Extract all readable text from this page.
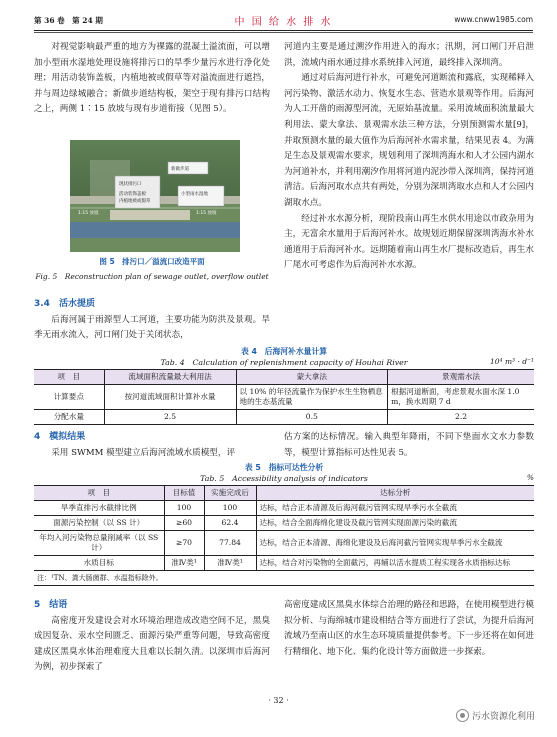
第 36 卷　第 24 期	中 国 给 水 排 水	www.cnww1985.com

对视觉影响最严重的地方为裸露的混凝土溢流面，可以增加小型雨水湿地处理设施将排污口的旱季少量污水进行净化处理；用活动装饰盖板，内植地被或假草等对溢流面进行遮挡，并与周边绿城融合；新做步道结构板，架空于现有排污口结构之上，两侧 1∶15 放坡与现有步道衔接（见图 5）。

现状排污口
活动装饰盖板
内植地被或假草
新做步道
小型雨水湿地
1:15 放坡	1:15 放坡
图 5　排污口／溢流口改造平面
Fig. 5　Reconstruction plan of sewage outlet, overflow outlet

3.4　活水提质

后海河属于雨源型人工河道，主要功能为防洪及景观。旱季无雨水流入，河口闸门处于关闭状态，

河道内主要是通过溯汐作用进入的海水；汛期，河口闸门开启泄洪，流域内雨水通过排水系统排入河道，最终排入深圳湾。

通过对后海河进行补水，可避免河道断流和露底，实现稀释入河污染物、激活水动力、恢复水生态、营造水景观等作用。后海河为人工开凿的雨源型河流，无原始基流量。采用流域面积流量最大利用法、蒙大拿法、景观需水法三种方法，分别预测需水量[9]，并取预测水量的最大值作为后海河补水需求量，结果见表 4。为满足生态及景观需水要求，规划利用了深圳湾海水和人才公园内湖水为河道补水，并利用潮汐作用将河道内泥沙带入深圳湾，保持河道清洁。后海河取水点共有两处，分别为深圳湾取水点和人才公园内湖取水点。

经过补水水源分析，现阶段南山再生水供水用途以市政杂用为主，无富余水量用于后海河补水。故规划近期保留深圳湾海水补水通道用于后海河补水。远期随着南山再生水厂提标改造后，再生水厂尾水可考虑作为后海河补水水源。

表 4　后海河补水量计算
Tab. 4　Calculation of replenishment capacity of Houhai River	10⁴ m³ · d⁻¹
项　目	流域面积流量最大利用法	蒙大拿法	景观需水法
计算要点	按河道流域面积计算补水量	以 10% 的年径流量作为保护水生生物栖息地的生态基流量	根据河道断面，考虑景观水面水深 1.0 m，换水周期 7 d
分配水量	2.5	0.5	2.2

4　模拟结果

采用 SWMM 模型建立后海河流域水质模型，评

估方案的达标情况。输入典型年降雨，不同下垫面水文水力参数等，模型计算指标可达性见表 5。

表 5　指标可达性分析
Tab. 5　Accessibility analysis of indicators	%
项　目	目标值	实施完成后	达标分析
旱季直排污水截排比例	100	100	达标，结合正本清源及后海河截污管网实现旱季污水全截流
面源污染控制（以 SS 计）	≥60	62.4	达标，结合全面海绵化建设及截污管网实现面源污染的截流
年均入河污染物总量削减率（以 SS 计）	≥70	77.84	达标，结合正本清源、海绵化建设及后海河截污管网实现旱季污水全截流
水质目标	准Ⅳ类¹	准Ⅳ类¹	达标，结合对污染物的全面截污，再辅以活水提质工程实现各水质指标达标
注：¹TN、粪大肠菌群、水温指标除外。			

5　结语

高密度开发建设会对水环境治理造成改造空间不足，黑臭成因复杂、汞水空间匮乏、面源污染严重等问题，导致高密度建成区黑臭水体治理难度大且难以长制久清。以深圳市后海河为例，初步探索了

高密度建成区黑臭水体综合治理的路径和思路，在使用模型进行模拟分析、与海绵城市建设相结合等方面进行了尝试，为提升后海河流域乃至南山区的水生态环境质量提供参考。下一步还将在如何进行精细化、地下化、集约化设计等方面做进一步探索。

· 32 ·
污水资源化利用
